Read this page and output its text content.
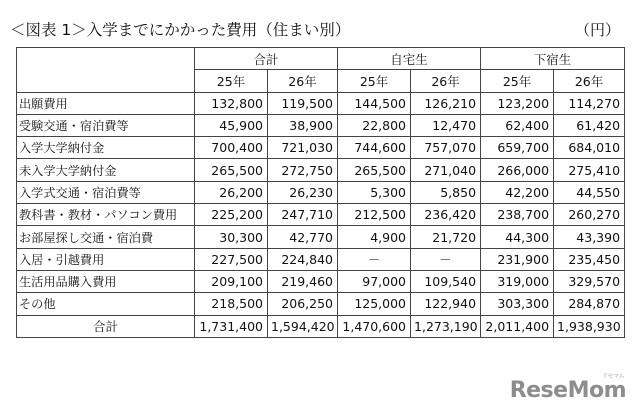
＜図表 1＞入学までにかかった費用（住まい別）	（円）
	合計		自宅生		下宿生	
	25年	26年	25年	26年	25年	26年
出願費用	132,800	119,500	144,500	126,210	123,200	114,270
受験交通・宿泊費等	45,900	38,900	22,800	12,470	62,400	61,420
入学大学納付金	700,400	721,030	744,600	757,070	659,700	684,010
未入学大学納付金	265,500	272,750	265,500	271,040	266,000	275,410
入学式交通・宿泊費等	26,200	26,230	5,300	5,850	42,200	44,550
教科書・教材・パソコン費用	225,200	247,710	212,500	236,420	238,700	260,270
お部屋探し交通・宿泊費	30,300	42,770	4,900	21,720	44,300	43,390
入居・引越費用	227,500	224,840	－	－	231,900	235,450
生活用品購入費用	209,100	219,460	97,000	109,540	319,000	329,570
その他	218,500	206,250	125,000	122,940	303,300	284,870
合計	1,731,400	1,594,420	1,470,600	1,273,190	2,011,400	1,938,930
ReseMom
リセマム
